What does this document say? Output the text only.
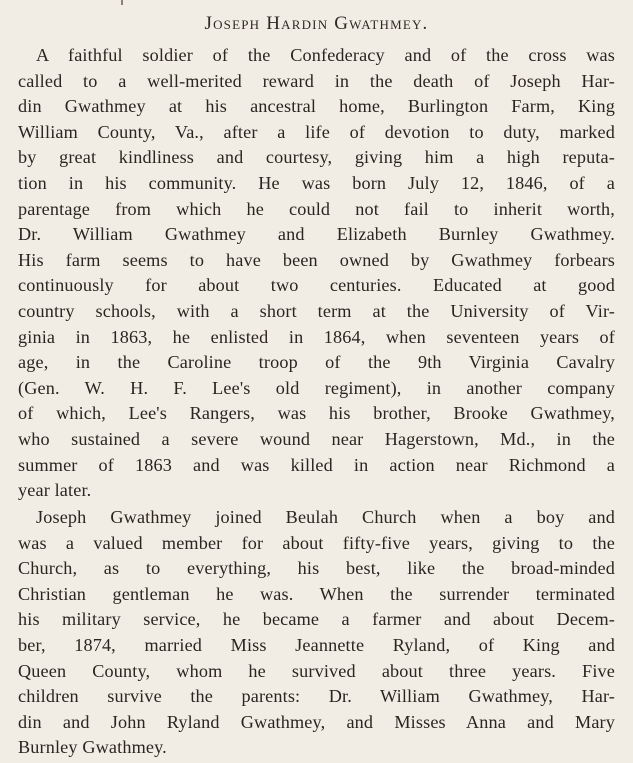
Joseph Hardin Gwathmey.
A faithful soldier of the Confederacy and of the cross was
called to a well-merited reward in the death of Joseph Har-
din Gwathmey at his ancestral home, Burlington Farm, King
William County, Va., after a life of devotion to duty, marked
by great kindliness and courtesy, giving him a high reputa-
tion in his community. He was born July 12, 1846, of a
parentage from which he could not fail to inherit worth,
Dr. William Gwathmey and Elizabeth Burnley Gwathmey.
His farm seems to have been owned by Gwathmey forbears
continuously for about two centuries. Educated at good
country schools, with a short term at the University of Vir-
ginia in 1863, he enlisted in 1864, when seventeen years of
age, in the Caroline troop of the 9th Virginia Cavalry
(Gen. W. H. F. Lee's old regiment), in another company
of which, Lee's Rangers, was his brother, Brooke Gwathmey,
who sustained a severe wound near Hagerstown, Md., in the
summer of 1863 and was killed in action near Richmond a
year later.
Joseph Gwathmey joined Beulah Church when a boy and
was a valued member for about fifty-five years, giving to the
Church, as to everything, his best, like the broad-minded
Christian gentleman he was. When the surrender terminated
his military service, he became a farmer and about Decem-
ber, 1874, married Miss Jeannette Ryland, of King and
Queen County, whom he survived about three years. Five
children survive the parents: Dr. William Gwathmey, Har-
din and John Ryland Gwathmey, and Misses Anna and Mary
Burnley Gwathmey.
